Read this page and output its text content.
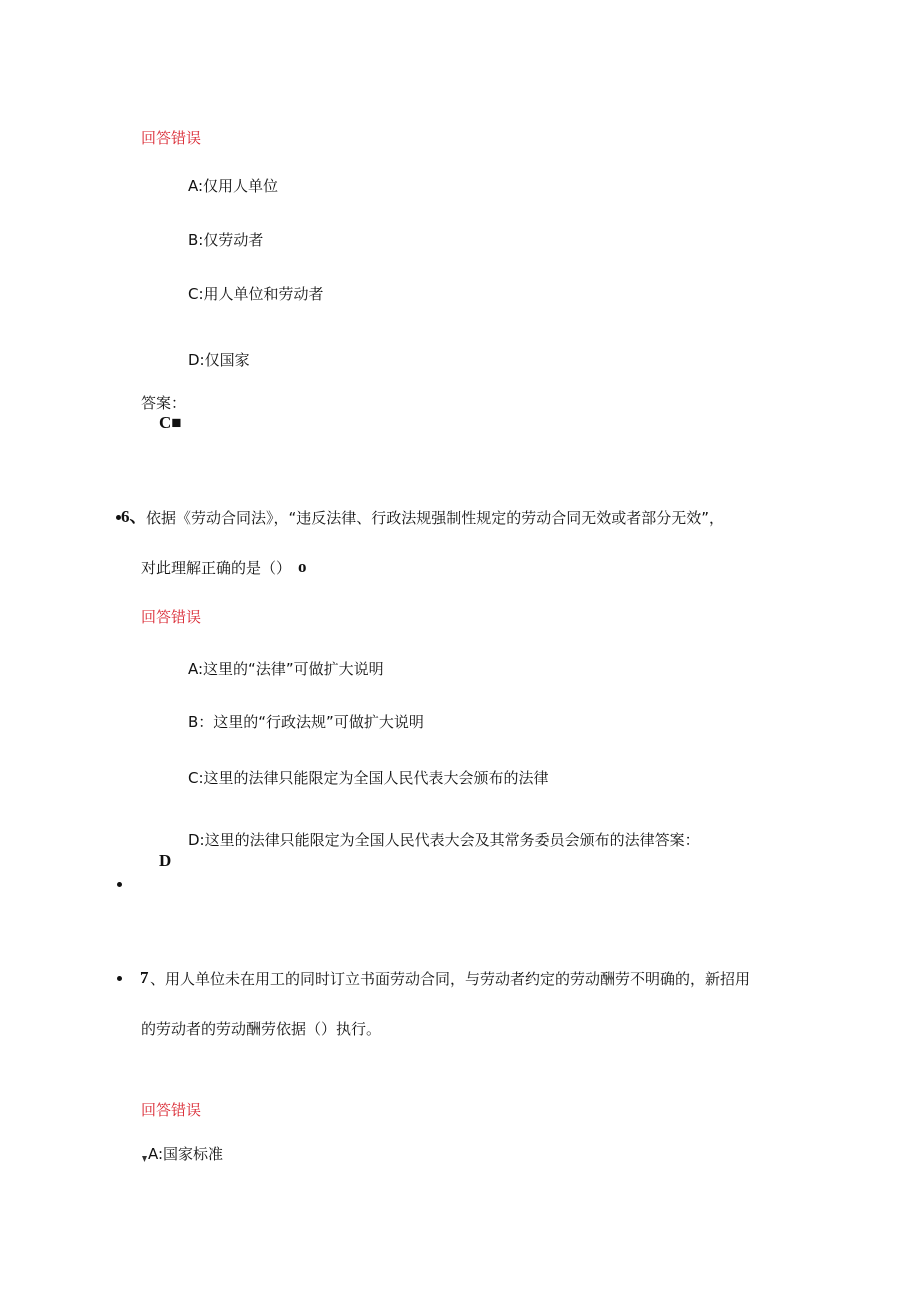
回答错误
A:仅用人单位
B:仅劳动者
C:用人单位和劳动者
D:仅国家
答案：
C■
6、 依据《劳动合同法》，“违反法律、行政法规强制性规定的劳动合同无效或者部分无效”，
对此理解正确的是（） o
回答错误
A:这里的“法律”可做扩大说明
B：这里的“行政法规”可做扩大说明
C:这里的法律只能限定为全国人民代表大会颁布的法律
D:这里的法律只能限定为全国人民代表大会及其常务委员会颁布的法律答案：
D
7 、用人单位未在用工的同时订立书面劳动合同，与劳动者约定的劳动酬劳不明确的，新招用
的劳动者的劳动酬劳依据（）执行。
回答错误
A:国家标准
